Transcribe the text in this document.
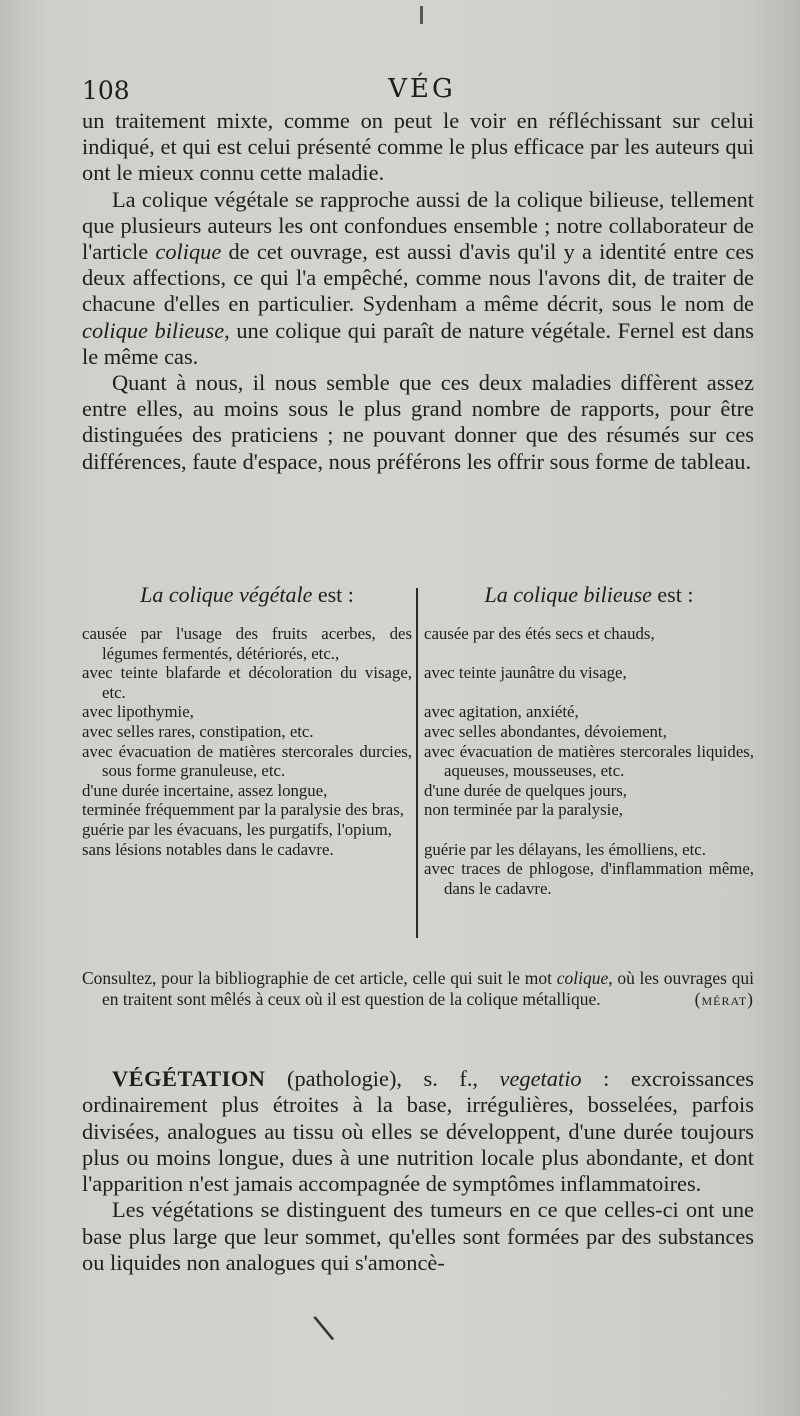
108	VÉG

un traitement mixte, comme on peut le voir en réfléchissant sur celui indiqué, et qui est celui présenté comme le plus efficace par les auteurs qui ont le mieux connu cette maladie.

La colique végétale se rapproche aussi de la colique bilieuse, tellement que plusieurs auteurs les ont confondues ensemble ; notre collaborateur de l'article colique de cet ouvrage, est aussi d'avis qu'il y a identité entre ces deux affections, ce qui l'a empêché, comme nous l'avons dit, de traiter de chacune d'elles en particulier. Sydenham a même décrit, sous le nom de colique bilieuse, une colique qui paraît de nature végétale. Fernel est dans le même cas.

Quant à nous, il nous semble que ces deux maladies diffèrent assez entre elles, au moins sous le plus grand nombre de rapports, pour être distinguées des praticiens ; ne pouvant donner que des résumés sur ces différences, faute d'espace, nous préférons les offrir sous forme de tableau.

La colique végétale est :
causée par l'usage des fruits acerbes, des légumes fermentés, détériorés, etc.,
avec teinte blafarde et décoloration du visage, etc.
avec lipothymie,
avec selles rares, constipation, etc.
avec évacuation de matières stercorales durcies, sous forme granuleuse, etc.
d'une durée incertaine, assez longue,
terminée fréquemment par la paralysie des bras,
guérie par les évacuans, les purgatifs, l'opium,
sans lésions notables dans le cadavre.
La colique bilieuse est :
causée par des étés secs et chauds,
avec teinte jaunâtre du visage,
avec agitation, anxiété,
avec selles abondantes, dévoiement,
avec évacuation de matières stercorales liquides, aqueuses, mousseuses, etc.
d'une durée de quelques jours,
non terminée par la paralysie,
guérie par les délayans, les émolliens, etc.
avec traces de phlogose, d'inflammation même, dans le cadavre.

Consultez, pour la bibliographie de cet article, celle qui suit le mot colique, où les ouvrages qui en traitent sont mêlés à ceux où il est question de la colique métallique.	(mérat)

VÉGÉTATION (pathologie), s. f., vegetatio : excroissances ordinairement plus étroites à la base, irrégulières, bosselées, parfois divisées, analogues au tissu où elles se développent, d'une durée toujours plus ou moins longue, dues à une nutrition locale plus abondante, et dont l'apparition n'est jamais accompagnée de symptômes inflammatoires.

Les végétations se distinguent des tumeurs en ce que celles-ci ont une base plus large que leur sommet, qu'elles sont formées par des substances ou liquides non analogues qui s'amoncè-

\
